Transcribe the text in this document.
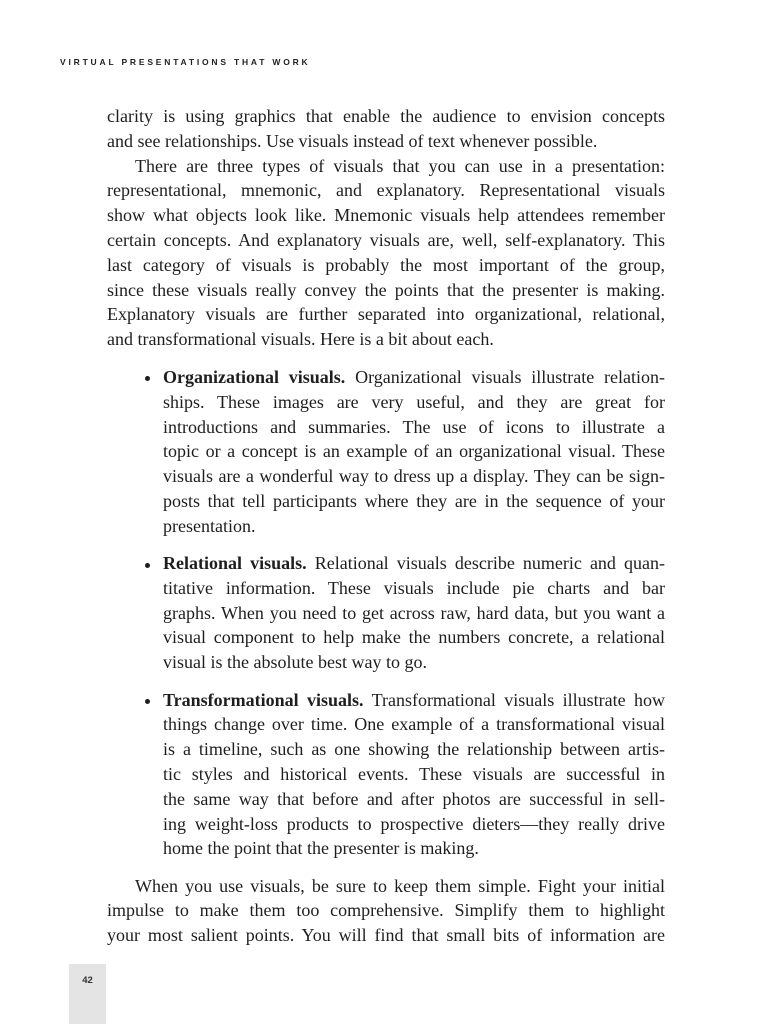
VIRTUAL PRESENTATIONS THAT WORK
clarity is using graphics that enable the audience to envision concepts
and see relationships. Use visuals instead of text whenever possible.
There are three types of visuals that you can use in a presentation:
representational, mnemonic, and explanatory. Representational visuals
show what objects look like. Mnemonic visuals help attendees remember
certain concepts. And explanatory visuals are, well, self-explanatory. This
last category of visuals is probably the most important of the group,
since these visuals really convey the points that the presenter is making.
Explanatory visuals are further separated into organizational, relational,
and transformational visuals. Here is a bit about each.
Organizational visuals. Organizational visuals illustrate relation-
ships. These images are very useful, and they are great for
introductions and summaries. The use of icons to illustrate a
topic or a concept is an example of an organizational visual. These
visuals are a wonderful way to dress up a display. They can be sign-
posts that tell participants where they are in the sequence of your
presentation.
Relational visuals. Relational visuals describe numeric and quan-
titative information. These visuals include pie charts and bar
graphs. When you need to get across raw, hard data, but you want a
visual component to help make the numbers concrete, a relational
visual is the absolute best way to go.
Transformational visuals. Transformational visuals illustrate how
things change over time. One example of a transformational visual
is a timeline, such as one showing the relationship between artis-
tic styles and historical events. These visuals are successful in
the same way that before and after photos are successful in sell-
ing weight-loss products to prospective dieters—they really drive
home the point that the presenter is making.
When you use visuals, be sure to keep them simple. Fight your initial
impulse to make them too comprehensive. Simplify them to highlight
your most salient points. You will find that small bits of information are
42
